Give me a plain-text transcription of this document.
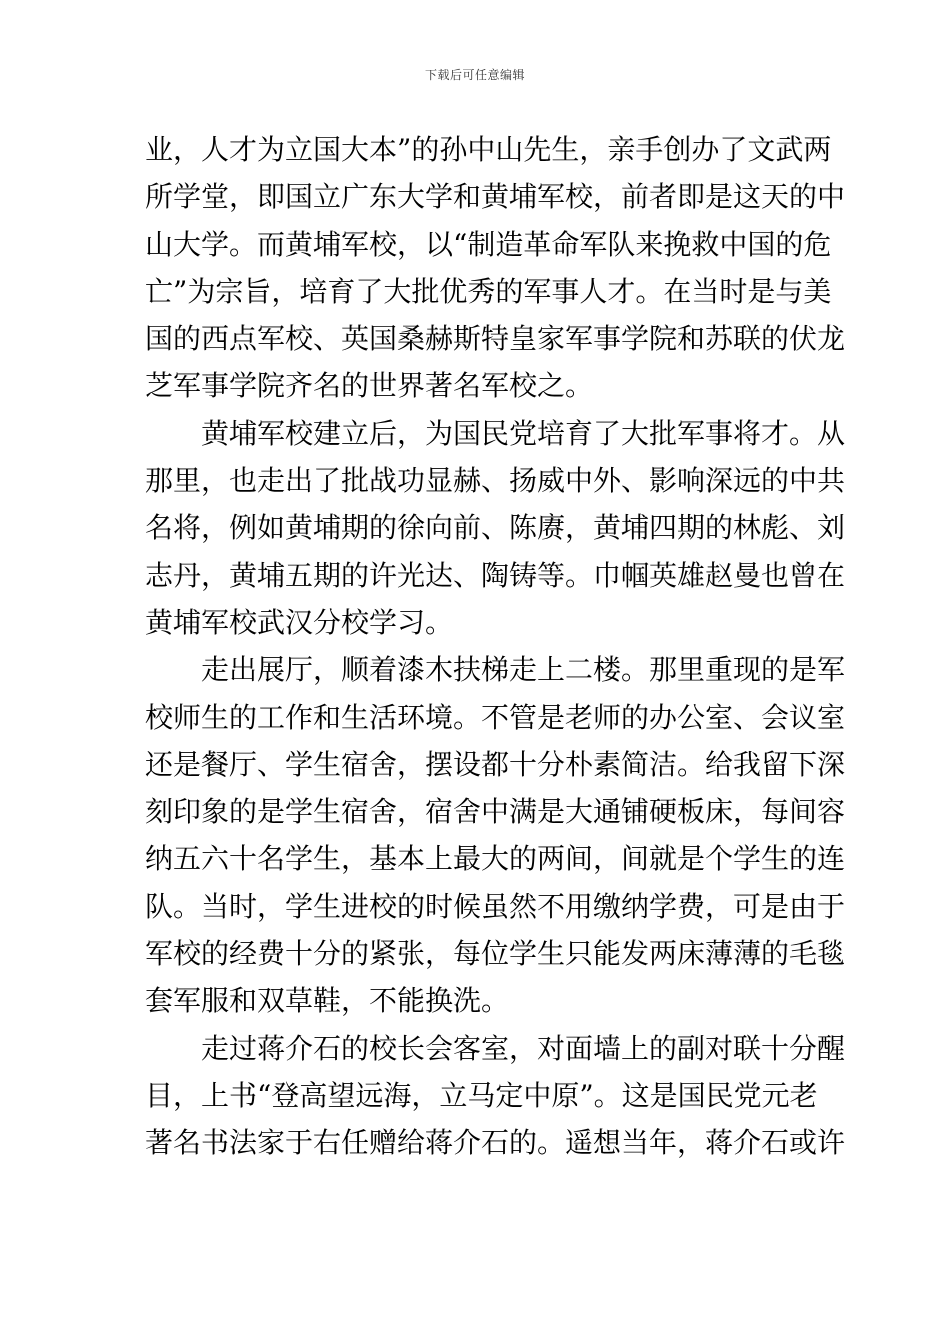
下载后可任意编辑

业，人才为立国大本”的孙中山先生，亲手创办了文武两
所学堂，即国立广东大学和黄埔军校，前者即是这天的中
山大学。而黄埔军校，以“制造革命军队来挽救中国的危
亡”为宗旨，培育了大批优秀的军事人才。在当时是与美
国的西点军校、英国桑赫斯特皇家军事学院和苏联的伏龙
芝军事学院齐名的世界著名军校之。

黄埔军校建立后，为国民党培育了大批军事将才。从
那里，也走出了批战功显赫、扬威中外、影响深远的中共
名将，例如黄埔期的徐向前、陈赓，黄埔四期的林彪、刘
志丹，黄埔五期的许光达、陶铸等。巾帼英雄赵曼也曾在
黄埔军校武汉分校学习。

走出展厅，顺着漆木扶梯走上二楼。那里重现的是军
校师生的工作和生活环境。不管是老师的办公室、会议室
还是餐厅、学生宿舍，摆设都十分朴素简洁。给我留下深
刻印象的是学生宿舍，宿舍中满是大通铺硬板床，每间容
纳五六十名学生，基本上最大的两间，间就是个学生的连
队。当时，学生进校的时候虽然不用缴纳学费，可是由于
军校的经费十分的紧张，每位学生只能发两床薄薄的毛毯
套军服和双草鞋，不能换洗。

走过蒋介石的校长会客室，对面墙上的副对联十分醒
目，上书“登高望远海，立马定中原”。这是国民党元老
著名书法家于右任赠给蒋介石的。遥想当年，蒋介石或许
